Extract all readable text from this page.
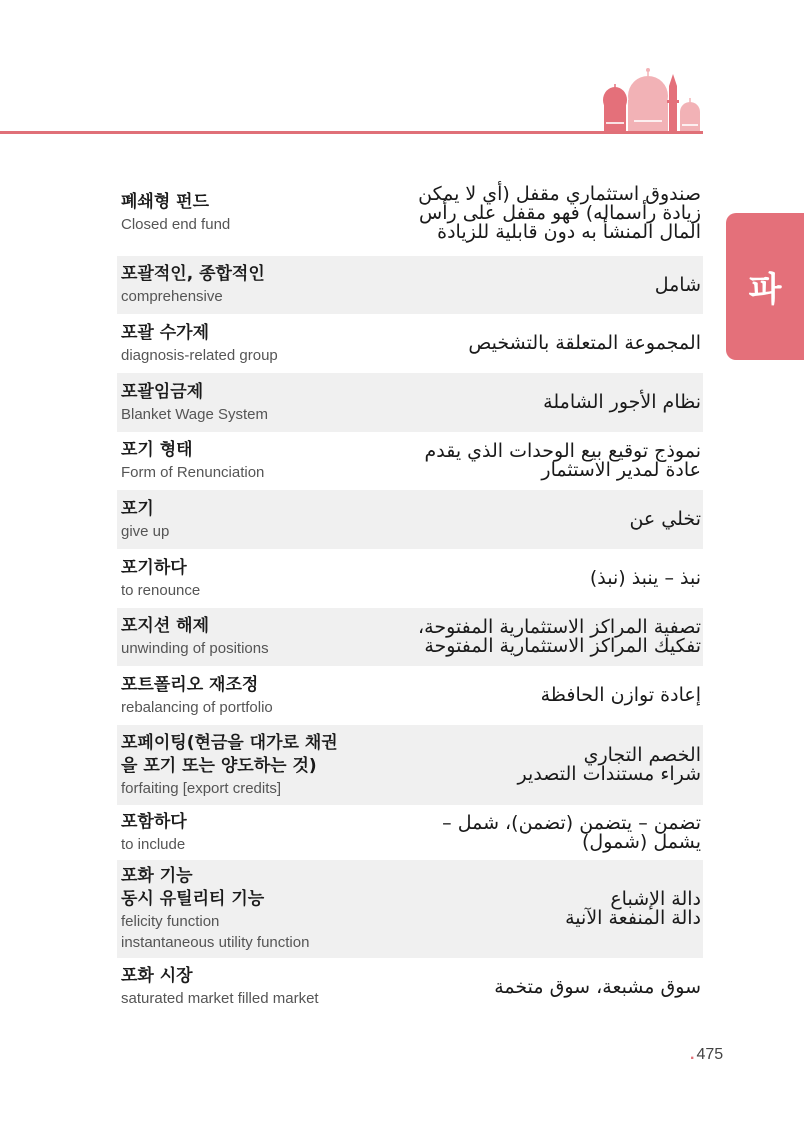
파
폐쇄형 펀드
Closed end fund
صندوق استثماري مقفل (أي لا يمكن
زيادة رأسماله) فهو مقفل على رأس
المال المنشأ به دون قابلية للزيادة
포괄적인, 종합적인
comprehensive
شامل
포괄 수가제
diagnosis-related group
المجموعة المتعلقة بالتشخيص
포괄임금제
Blanket Wage System
نظام الأجور الشاملة
포기 형태
Form of Renunciation
نموذج توقيع بيع الوحدات الذي يقدم
عادة لمدير الاستثمار
포기
give up
تخلي عن
포기하다
to renounce
نبذ – ينبذ (نبذ)
포지션 해제
unwinding of positions
تصفية المراكز الاستثمارية المفتوحة،
تفكيك المراكز الاستثمارية المفتوحة
포트폴리오 재조정
rebalancing of portfolio
إعادة توازن الحافظة
포페이팅(현금을 대가로 채권
을 포기 또는 양도하는 것)
forfaiting [export credits]
الخصم التجاري
شراء مستندات التصدير
포함하다
to include
تضمن – يتضمن (تضمن)، شمل –
يشمل (شمول)
포화 기능
동시 유틸리티 기능
felicity function
instantaneous utility function
دالة الإشباع
دالة المنفعة الآنية
포화 시장
saturated market filled market
سوق مشبعة، سوق متخمة
. 475
